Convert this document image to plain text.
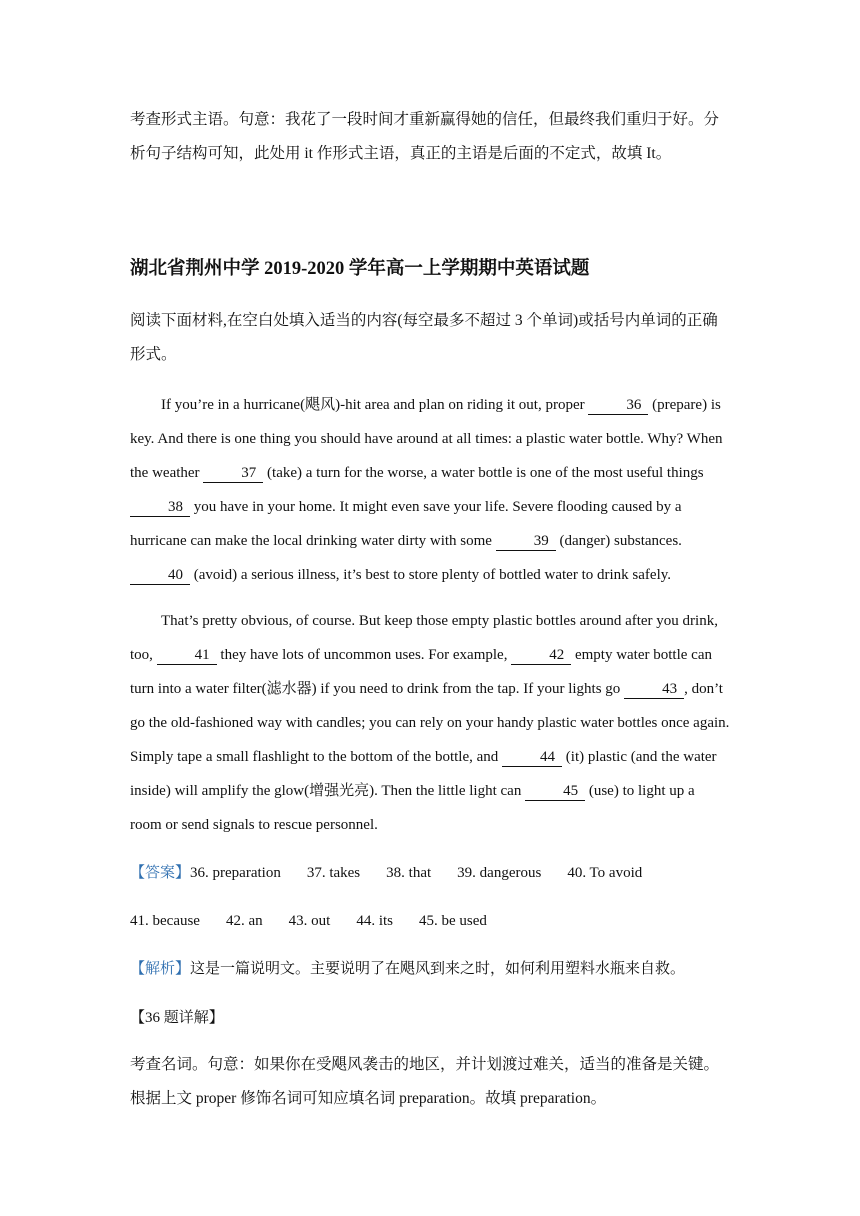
考查形式主语。句意：我花了一段时间才重新赢得她的信任，但最终我们重归于好。分析句子结构可知，此处用 it 作形式主语，真正的主语是后面的不定式，故填 It。

湖北省荆州中学 2019-2020 学年高一上学期期中英语试题

阅读下面材料,在空白处填入适当的内容(每空最多不超过 3 个单词)或括号内单词的正确形式。

If you’re in a hurricane(飓风)-hit area and plan on riding it out, proper	36 (prepare) is key. And there is one thing you should have around at all times: a plastic water bottle. Why? When the weather	37 (take) a turn for the worse, a water bottle is one of the most useful things 38 you have in your home. It might even save your life. Severe flooding caused by a hurricane can make the local drinking water dirty with some	39 (danger) substances. 40 (avoid) a serious illness, it’s best to store plenty of bottled water to drink safely.

That’s pretty obvious, of course. But keep those empty plastic bottles around after you drink, too,	41 they have lots of uncommon uses. For example,	42 empty water bottle can turn into a water filter(滤水器) if you need to drink from the tap. If your lights go	43 , don’t go the old-fashioned way with candles; you can rely on your handy plastic water bottles once again. Simply tape a small flashlight to the bottom of the bottle, and	44 (it) plastic (and the water inside) will amplify the glow(增强光亮). Then the little light can	45 (use) to light up a room or send signals to rescue personnel.

【答案】36. preparation 37. takes 38. that 39. dangerous 40. To avoid

41. because 42. an 43. out 44. its 45. be used

【解析】这是一篇说明文。主要说明了在飓风到来之时，如何利用塑料水瓶来自救。

【36 题详解】

考查名词。句意：如果你在受飓风袭击的地区，并计划渡过难关，适当的准备是关键。根据上文 proper 修饰名词可知应填名词 preparation。故填 preparation。
